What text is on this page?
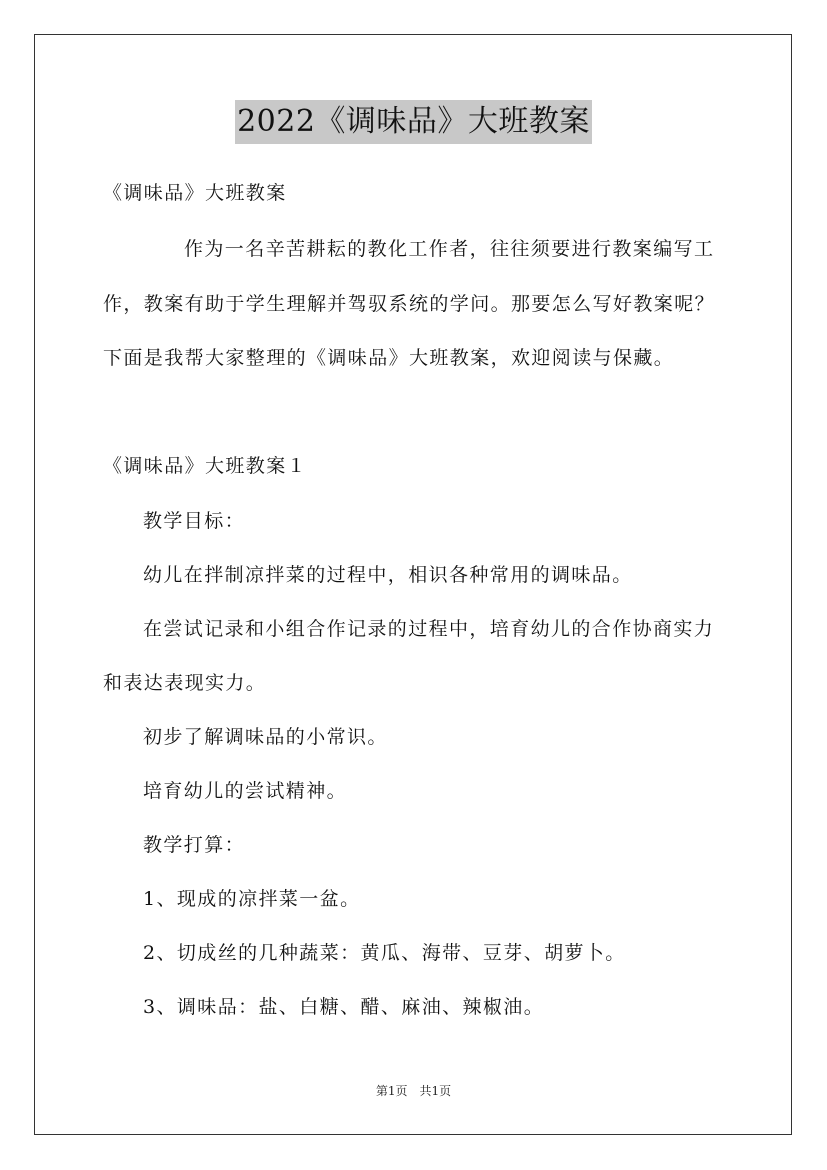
2022《调味品》大班教案
《调味品》大班教案
作为一名辛苦耕耘的教化工作者，往往须要进行教案编写工
作，教案有助于学生理解并驾驭系统的学问。那要怎么写好教案呢？
下面是我帮大家整理的《调味品》大班教案，欢迎阅读与保藏。
《调味品》大班教案１
教学目标：
幼儿在拌制凉拌菜的过程中，相识各种常用的调味品。
在尝试记录和小组合作记录的过程中，培育幼儿的合作协商实力
和表达表现实力。
初步了解调味品的小常识。
培育幼儿的尝试精神。
教学打算：
1、现成的凉拌菜一盆。
2、切成丝的几种蔬菜：黄瓜、海带、豆芽、胡萝卜。
3、调味品：盐、白糖、醋、麻油、辣椒油。
第1页　共1页
